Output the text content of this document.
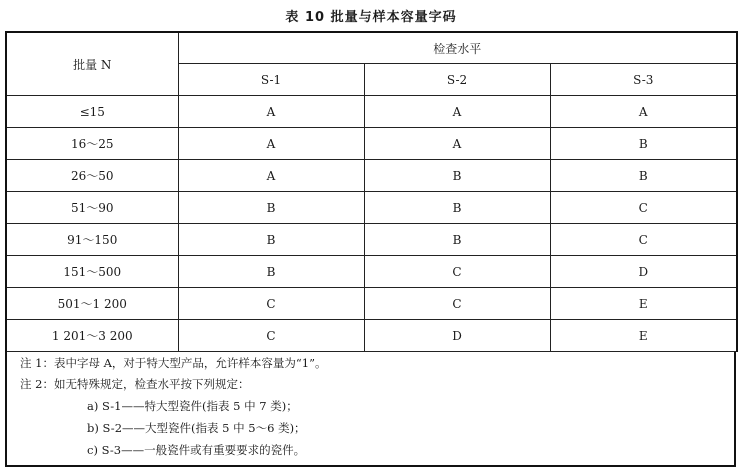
表 10 批量与样本容量字码
批量 N	检查水平		
	S-1	S-2	S-3
≤15	A	A	A
16～25	A	A	B
26～50	A	B	B
51～90	B	B	C
91～150	B	B	C
151～500	B	C	D
501～1 200	C	C	E
1 201～3 200	C	D	E
注 1：表中字母 A，对于特大型产品，允许样本容量为“1”。
注 2：如无特殊规定，检查水平按下列规定：
a) S-1——特大型瓷件(指表 5 中 7 类)；
b) S-2——大型瓷件(指表 5 中 5～6 类)；
c) S-3——一般瓷件或有重要要求的瓷件。
